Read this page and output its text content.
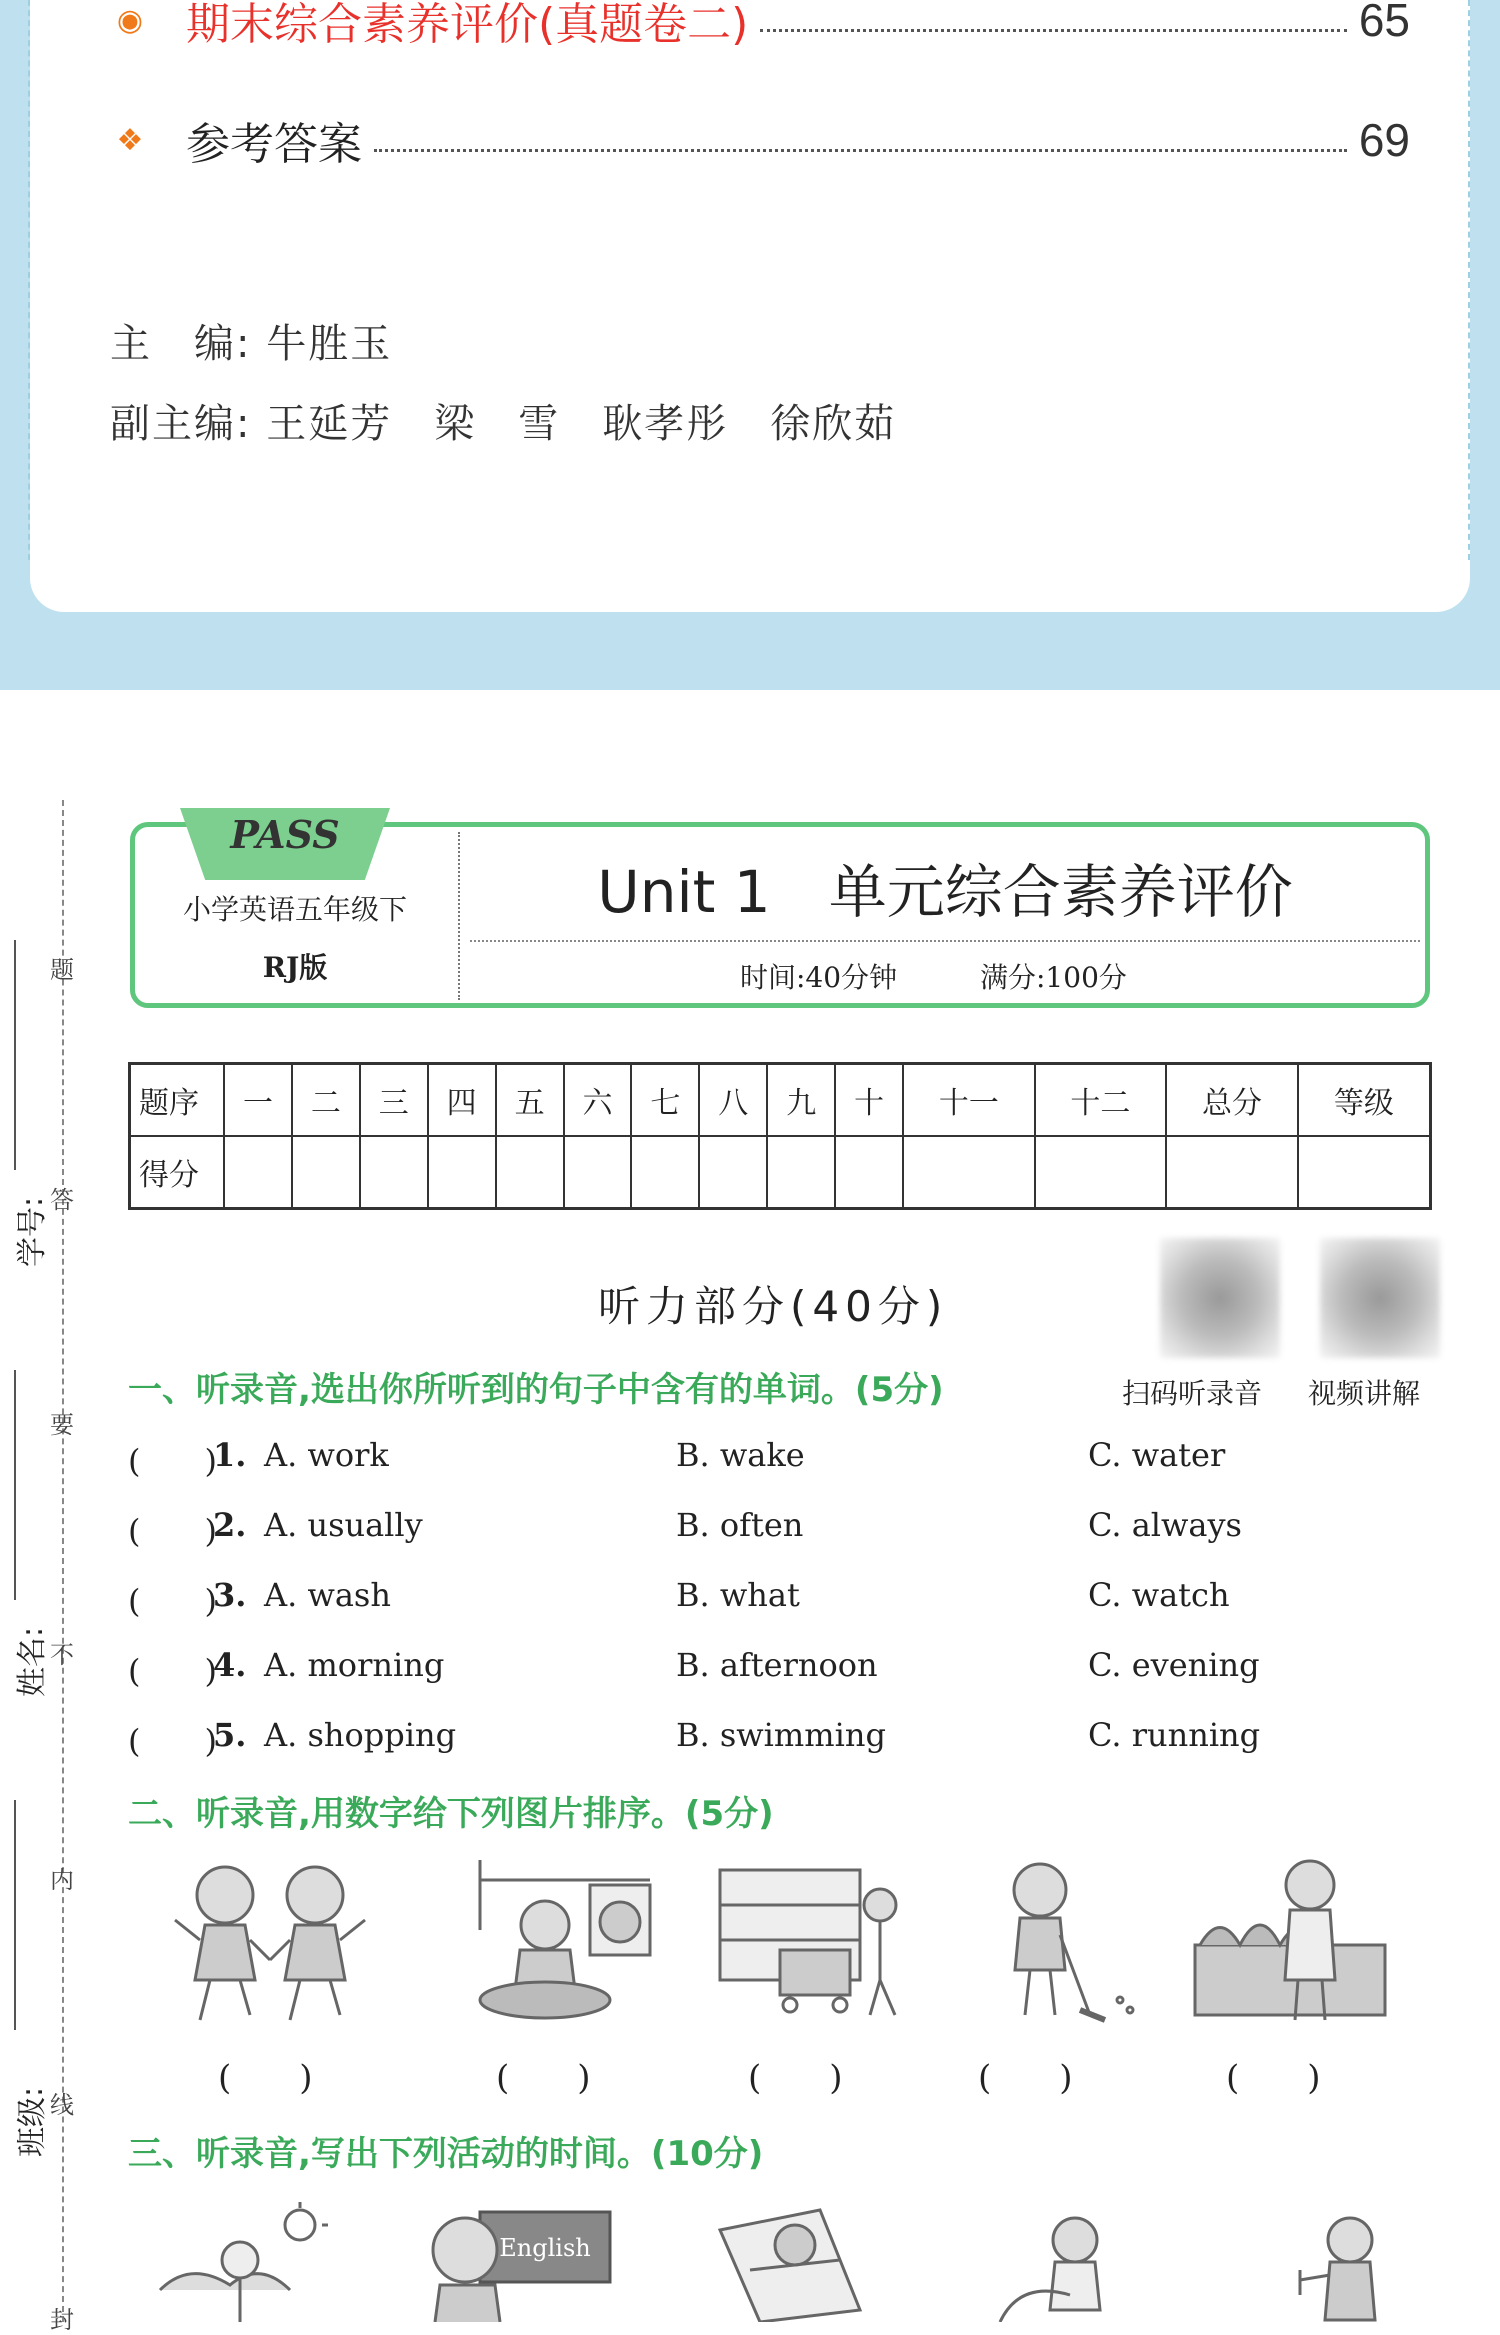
◉ 期末综合素养评价(真题卷二)	65
❖ 参考答案	69
主　编: 牛胜玉
副主编: 王延芳　梁　雪　耿孝彤　徐欣茹
题
答
要
不
内
线
封
学号:
姓名:
班级:
PASS
小学英语五年级下
RJ版
Unit 1　单元综合素养评价
时间:40分钟	满分:100分
题序	一	二	三	四	五	六	七	八	九	十	十一	十二	总分	等级
得分														
听力部分(40分)
扫码听录音 视频讲解
一、听录音,选出你所听到的句子中含有的单词。(5分)
(　　)
1. A. work	B. wake	C. water
(　　)
2. A. usually	B. often	C. always
(　　)
3. A. wash	B. what	C. watch
(　　)
4. A. morning	B. afternoon	C. evening
(　　)
5. A. shopping	B. swimming	C. running
二、听录音,用数字给下列图片排序。(5分)
(　　)	(　　)	(　　)	(　　)	(　　)
三、听录音,写出下列活动的时间。(10分)
English
